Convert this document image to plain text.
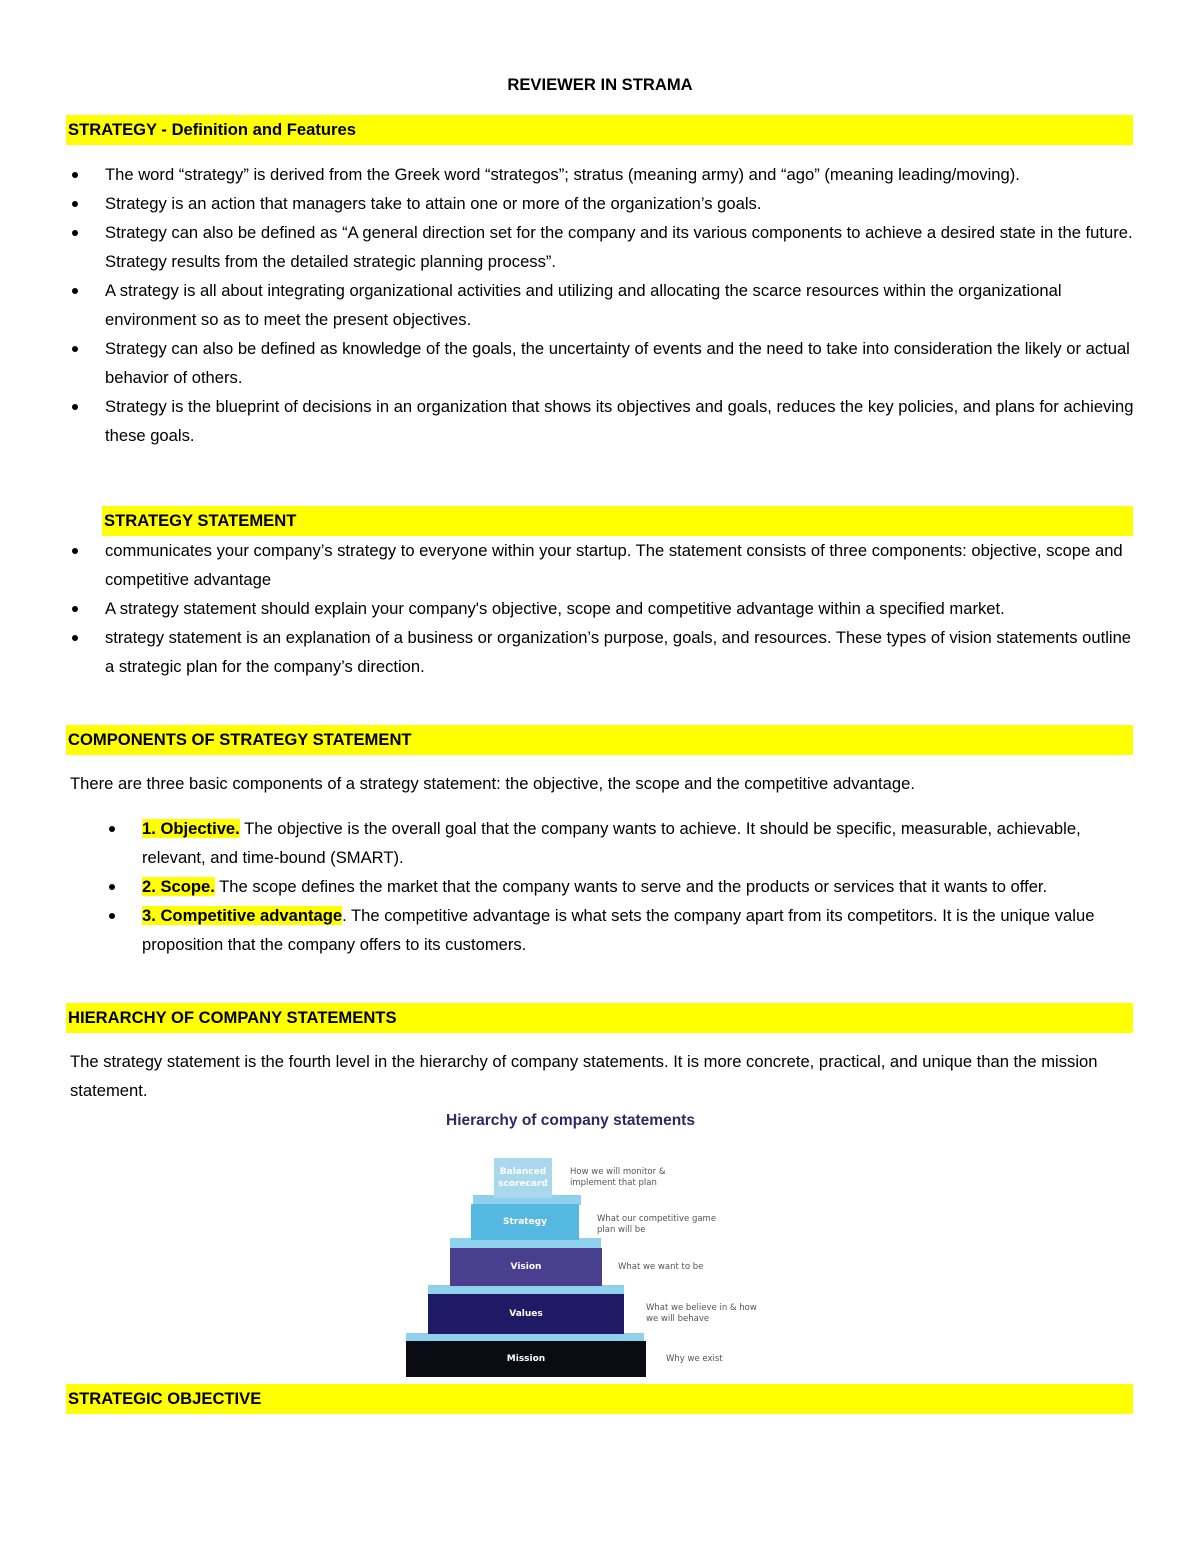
REVIEWER IN STRAMA
STRATEGY - Definition and Features
The word “strategy” is derived from the Greek word “strategos”; stratus (meaning army) and “ago” (meaning leading/moving).
Strategy is an action that managers take to attain one or more of the organization’s goals.
Strategy can also be defined as “A general direction set for the company and its various components to achieve a desired state in the future. Strategy results from the detailed strategic planning process”.
A strategy is all about integrating organizational activities and utilizing and allocating the scarce resources within the organizational environment so as to meet the present objectives.
Strategy can also be defined as knowledge of the goals, the uncertainty of events and the need to take into consideration the likely or actual behavior of others.
Strategy is the blueprint of decisions in an organization that shows its objectives and goals, reduces the key policies, and plans for achieving these goals.
STRATEGY STATEMENT
communicates your company’s strategy to everyone within your startup. The statement consists of three components: objective, scope and competitive advantage
A strategy statement should explain your company's objective, scope and competitive advantage within a specified market.
strategy statement is an explanation of a business or organization’s purpose, goals, and resources. These types of vision statements outline a strategic plan for the company’s direction.
COMPONENTS OF STRATEGY STATEMENT
There are three basic components of a strategy statement: the objective, the scope and the competitive advantage.
1. Objective. The objective is the overall goal that the company wants to achieve. It should be specific, measurable, achievable, relevant, and time-bound (SMART).
2. Scope. The scope defines the market that the company wants to serve and the products or services that it wants to offer.
3. Competitive advantage. The competitive advantage is what sets the company apart from its competitors. It is the unique value proposition that the company offers to its customers.
HIERARCHY OF COMPANY STATEMENTS
The strategy statement is the fourth level in the hierarchy of company statements. It is more concrete, practical, and unique than the mission statement.
Hierarchy of company statements
Balanced scorecard
Strategy
Vision
Values
Mission
How we will monitor & implement that plan
What our competitive game plan will be
What we want to be
What we believe in & how we will behave
Why we exist
STRATEGIC OBJECTIVE
